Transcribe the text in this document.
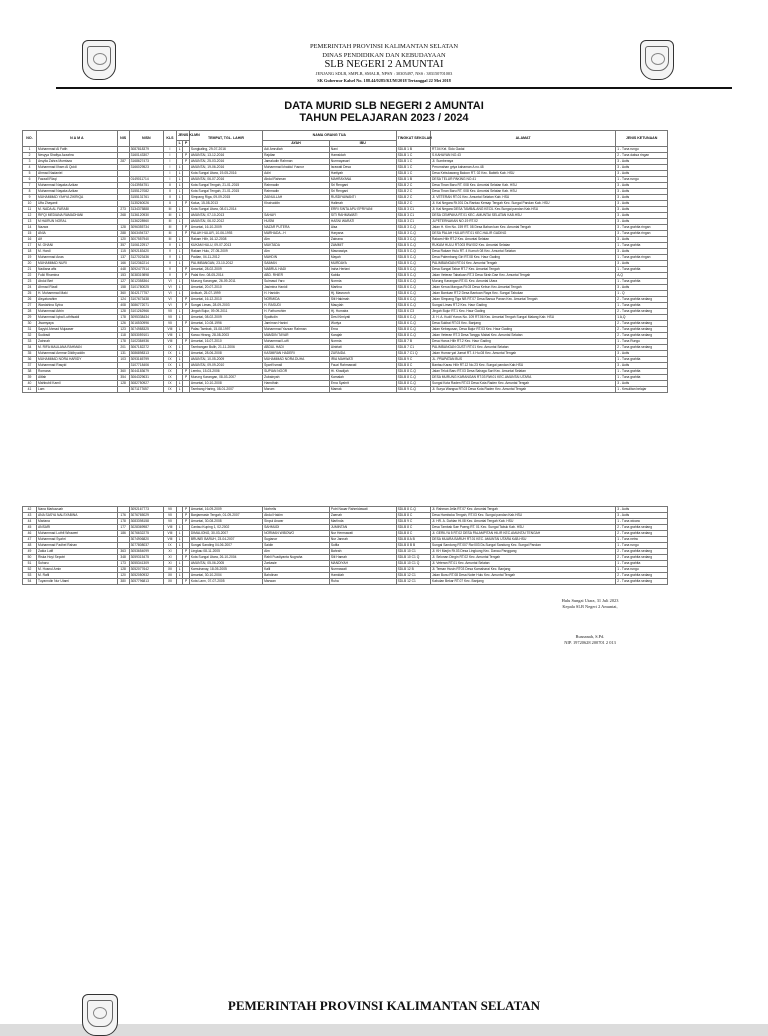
PEMERINTAH PROVINSI KALIMANTAN SELATAN
DINAS PENDIDIKAN DAN KEBUDAYAAN
SLB NEGERI 2 AMUNTAI
JENJANG SDLB, SMPLB, SMALB, NPSN : 30305497, NSS : 383150701003
SK Gubernur Kalsel No. 188.44/0285/KUM/2018 Tertanggal 22 Mei 2018
DATA MURID SLB NEGERI 2 AMUNTAI
TAHUN PELAJARAN 2023 / 2024
NO.	N A M A	NIS	NISN	KLS	JENIS KLMN		TEMPAT, TGL. LAHIR	NAMA ORANG TUA		TINGKAT SEKOLAH	ALAMAT	JENIS KETUNAAN
					L	P		AYAH	IBU			

1	Muhammad Al Fatih		3087818379	I	L		Sungkaling, 29-07-2016	Adi Amrullah	Nani	SDLB 1 B	RT.04 Kel. Sido Gadai	1 - Tuna rungu
2	Nesyya Shafiya Azzahra		3160143307	I		P	AMUNTAI, 13-12-2016	Rajdian	Hamsidah	SDLB 1 C	S.KAHAYAN NO.43	2 - Tuna daksa ringan
3	Arsyila Zahra Mumtaza	287	3168627473	I		P	AMUNTAI, 25-03-2016	Jamaludin Rahman	Nurmayasari	SDLB 1 C	Jl. Sumberaya	3 - Autis
4	Muhammad Ilham Al Qoidi		3166029523	I	L		AMUNTAI, 19-06-2016	Muhammad khaidul Yusnor	Israwati Desa	SDLB 1 C	Perumahan griya kahaman A no.48	3 - Autis
5	Ahmad Nadaniel			I	L		Kota Sungai Utara, 19-05-2016	Adiri	Hartiyah	SDLB 1 C	Desa Kebulawang Baloon RT. 02 Kec. Babirik Kab. HSU	3 - Autis
6	Fazzall Rizqi		0149011714	I	L		AMUNTAI, 06-07-2016	Abdul Rahman	MAHRAYANA	SDLB 1 B	DESA TELUR PAKING NO.41	1 - Tuna rungu
7	Muhammad Nayaka Azikan		0143954751	II	L		Kota Sungai Tengah, 21-01-2015	Rahmadin	Sri Rengani	SDLB 2 C	Desa Tinan Baru RT. 008 Kec. Amuntai Selatan Kab. HSU	3 - Autis
8	Muhammad Nayaka Azikan		3155127082	II	L		Kota Sungai Tengah, 21-01-2015	Rahmadin	Sri Rengani	SDLB 2 C	Desa Tinan Baru RT. 008 Kec. Amuntai Selatan Kab. HSU	3 - Autis
9	MUHAMMAD YAHYA ZIKRIQA		3155131761	II	L		Simpang Riga, 09-09-2015	ZAINULLAH	RUSDIYAWANTI	SDLB 2 C	Jl. VETERAN RT.01 Kec. Amuntai Selatan Kab. HSU	3 - Autis
10	Ulfa Zhayanti		3135260026	II		P	Kalua, 15-08-2013	Khairuddin	Halimah	SDLB 2 C	Jl. Kal Negara Rt.001 Ds.Rantau Kersap Tengah Kec. Sungai Pandan Kab. HSU	3 - Autis
11	M. NADA AL FARABI	273	3134375888	III	L		Kota Sungai Utara, 08-01-2014		ERRI SINTA APU EPRIYANI	SDLB 3 C1	Jl. Kal Negara DESA TAMBALANG KECIL Kec.Sungai pandan Kab.HSU	3 - Autis
12	RIFQI MEDIANA RAMADHANI	268	3136120930	III	L		AMUNTAI, 07-10-2013	SAHAYI	SITI RAHMAWATI	SDLB 3 C1	DESA CEMPAKA RT.01 KEC. AMUNTAI SELATAN KAB.HSU	3 - Autis
13	M HAIRUN NORAL		3136228960	III	L		AMUNTAI, 06-02-2012	HUSNI	HASNI WARATI	SDLB 3 C1	JLPETERNAKAN NO.19 RT.02	3 - Autis
14	Nazwa	128	3096355734	III		P	Amuntai, 16-10-2009	NAZAR PUTERA	Aisa	SDLB 3 C-Q	Jalan H. Kim No. 159 RT. 08 Desa Bahan kan Kec. Amuntai Tengah	3 - Tuna grahita ringan
15	ANIA	288	3063494737	III		P	PALAH HULUR, 10-06-1993	MARHADA...H	Haryana	SDLB 3 C-Q	DESA PALAH HULUR RT.01 KEC.HALIR GADING	3 - Tuna grahita ringan
16	Alf	120	3007557940	III	L		Rakam Hilir, 16-12-2008	Alm	Zainana	SDLB 3 C-Q	Rakam Hilir RT.2 Kec. Amuntai Selatan	3 - Autis
17	M. GHANI	357	3106122917	V	L		KUKAM HULU, 09-07-2013	MUKTADA	ZAMMIT	SDLB 5 C-Q	RUKAM HULU RT.003 RW.002 Kec. Amuntai Selatan	1 - Tuna grahita
18	M. Hardi	115	3092183420	V	L		Rakam Hulu, 27-05-2009	Alm	Masnawiya	SDLB 5 C-Q	Desa Rakam Hulu RT. 4 Kumuh 08 Kec. Amuntai Selatan	3 - Autis
19	Muhammad Anas	137	3127023436	V	L		Padian, 04-11-2012	MAHDIN	Mayah	SDLB 5 C-Q	Desa Palembang Giri RT.08 Kec. Haur Gading	1 - Tuna grahita ringan
20	MUHAMMAD NURI	166	3102362214	V	L		PALIMBANGAN, 23-10-2012	SAIMAN	MURDAYA	SDLB 5 C-Q	PALIMBANGAN RT.04 Kec. Amuntai Tengah	3 - Autis
21	Nadiana afis	448	3092477914	V		P	Amuntai, 28-02-2009	NABRUL HADI	Iraha Herlani	SDLB 5 C-Q	Desa Sungai Tabar RT.7 Kec. Amuntai Tengah	1 - Tuna grahita
22	Fulki Rhamina	153	3038319898	V		P	Palal Kec. 08-05-2014	ABD. RHIER	Kabila	SDLB 5 C-Q	Jalan Veteran Tabaluan RT.3 Desa Sirah Dae Kec. Amuntai Tengah	A,Q
23	Abdul Beri	127	3012358364	VI	L		Murung Karangan, 26-09-2011	Sulmasd Yaro	Normia	SDLB 6 C-Q	Murung Karangan RT.01 Kec. Amuntai Utara	1 - Tuna grahita
24	Ahmad Rizali	158	3101780025	VI	L		Amuntai, 20-07-2010	Jasimina Hanidi	Martina	SDLB 6 C-Q	Jalan Kerua Mangua Rt.03 Desa Kebun Kec.Amuntai Tengah	3 - Autis
25	H. Muhammad Maki	360	3042177757	VI	L		Aniluah, 25-07-1999	H. Hanidin	Hj. Masruroh	SDLB 6 C-Q	Jalan Bantuan RT.2 Desa Bantuan Raya Kec. Sungai Tabukan	1 - Q
26	Aisyaturahim	124	3107673438	VI		P	Amuntai, 16-12-2010	NORMIDA	Siti Hakimah	SDLB 6 C-Q	Jalan Simpang Tiga NB RT.07 Desa Banua Panan Kec. Amuntai Tengah	2 - Tuna grahita sedang
27	Wardahina Sylva	408	3086772071	VI		P	Sungai Limas, 28-09-2003	H. RASUDI	Mauylah	SDLB 6 C-Q	Sungai Limas RT.2 Kec. Haur Gading	1 - Tuna grahita
28	Muhammad Arbin	128	3101262966	VII	L		Jingah Bujur, 09-09-2011	H. Fathurrohim	Hj. Humaira	SDLB 6 C3	Jingah Bujur RT.1 Kec. Haur Gading	2 - Tuna grahita sedang
29	Muhammad Iqbal Luthfisaidi	178	3095338434	VII	L		Amuntai, 08-02-2009	Syaifudin	Desi Kirniyati	SDLB 6 C-Q	Jl. H. A. Kudil Yunus No. 109 RT.06 Kec. Amuntai Tengah Sungai Malang Kab. HSU	1 A,Q
30	Jisamyaya	126	3016530996	VII		P	Amuntai, 10-08-1996	Jamiman Hanini	Wuriya	SDLB 6 C-Q	Desa Sukbai RT.03 Kec. Banjang	2 - Tuna grahita sedang
31	Sayyid Ahmad Mujaaser	123	3074988325	VIII	L		Palau Tambak, 15-08-1997	Muhammad Yazzan Rahman	Erna	SDLB 8 C-Q	Jalan Kebayusan, Desa Bajur RT.03 Kec. Haur Gading	2 - Tuna grahita sedang
32	Sudiradi	118	3053059101	VIII	L		Karau Hirang, 28-08-2003	MAMDIN TAYAR	Karajah	SDLB 8 C-Q	Jalan Veteran RT.3 Desa Tanggu Mabai Kec. Amuntai Selatan	2 - Tuna grahita sedang
33	Zainnah	178	3102384936	VIII		P	Amuntai, 16-07-2010	Muhammad Lutfi	Normia	SDLB 7 B	Desa Harus Hilir RT.2 Kec. Haur Gading	1 - Tuna Rungu
34	M. RIFA MAULANA RAHMAN	201	3067182272	IX	L		Tambangan Bulih, 21-11-2006	ABDUL HADI	Ainiriati	SDLB 7 C1	PALIMBANGAN GUSTI RT.01 Kec. Amuntai Selatan	2 - Tuna grahita sedang
35	Muhammad Ammar Diidhyuddin	131	3086898313	IX	L		Amuntai, 28-06-2008	KASMIRAN HADERI	ZURAIDA	SDLB 7 C1 Q	Jalan Humar yat Jumat RT. 4 Hu.08 Kec. Amuntai Tengah	3 - Autis
36	MUHAMMAD NORA HARIDY	103	3093165799	IX	L		AMUNTAI, 10-05-2009	MUHAMMAD NORA DUHA	IRIA MAHWATI	SDLB 9 C	JL. PRAPATAN BUS	1 - Tuna grahita
37	Muhammad Rasyid		3107718406	IX	L		AMUNTAI, 09-09-2010	Syarif Ismail	Fauzi Rahmawati	SDLB 8 C	Bantau Karau Hilir RT.12 No.23 Kec. Sungai pandan Kab.HSU	3 - Autis
38	Romana	360	3044183679	IX		P	Lembu, 15-03-2006	SUPIAN NOOR	Hi. Khadijah	SDLB 8 C-Q	Jalan Teluk Baru RT.03 Desa Sahaga Sari Kec. Amuntai Selatan	1 - Tuna grahita
39	Alifah	354	3064329631	IX		P	Murung Karangan, 08-03-2007	Zubainyah	Kamalah	SDLB 8 C-Q	DESA MURUNG KARANGAN RT.03 RW.01 KEC.AMUNTAI UTARA	1 - Tuna grahita
40	Mahbubil Kamil	128	3082750927	IX	L		Amuntai, 10-10-2008	Hamdhah	Erna Syahrit	SDLB 8 C-Q	Sungai Kota Raden RT.03 Desa Kota Raden Kec. Amuntai Tengah	3 - Autis
41	Lam		3071177657	IX	L		Tambang Haring, 08-01-2007	Marum	Mamak	SDLB 9 C-Q	Jl. Surya Wangsa RT.03 Desa Kota Raden Kec. Amuntai Tengah	1 - Kesulitan belajar
42	Nana Markazuah		3092167773	VII		P	Amuntai, 16-09-2009	Norhelis	Putri Nauar Rahmidawati	SDLB 8 C-Q	Jl. Rahman Jella RT.07 Kec. Amuntai Tengah	3 - Autis
43	ANA SASYA NALSYABINA	176	3076765029	VII		P	Banjarmasin Tengah, 01-09-2007	Abdul Hakim	Zaenah	SDLB 8 C	Desa Hamboka Tengah, RT.03 Kec. Sungai pandan Kab.HSU	3 - Autis
44	Mariana	178	3083398158	VII		P	Amuntai, 30-08-2008	Sinpul Anwar	Marlinda	SDLB 9 C	Jl. HR. A. Dahlan Hl.08 Kec. Amuntai Tengah Kab. HSU	1 - Tuna wicara
45	ANSARI	177	3028369987	VIII	L		Cantau Kuping 1, 02-2002	SAHMUDI	JUMINTAN	SDLB 8 C	Desa Tambak Sae Paeng RT. 01 Kec. Sungai Tabuk Kab. HSU	2 - Tuna grahita sedang
46	Muhammad Luthfi Wiraweri	186	3076632275	VIII	L		DIMALIONG, 30-03-2007	NORMAN WIBOWO	Nur Hermawati	SDLB 8 C	Jl. GERILYA 5 RT.02 DESA PALAMPITAN HILIR KEC.AMUNTAI TENGAH	2 - Tuna grahita sedang
47	Muhammad Syahri		3074906820	VIII	L		BRUNEI BARUH, 23-04-2007	Sugianor	Nur Jannah	SDLB 8 A B	DESA MUARA BARUH RT.01 KEC. AMUNTAI UTARA KAB.HSU	1 - Tuna netra
48	Muhammad Fadhel Rahan		3077808037	IX	L		Sungai Sanding 04-06-2007	Saidin	Sulfia	SDLB 8 B B	Sungai Sandung RT.007 Rw.003 Ds.Sungai Sandung Kec. Sungai Pandan	1 - Tuna rungu
49	Zakia Lutfi	363	3053654099	XI		P	Lingkau 08-11-2005	Alm	Bahrah	SDLB 10 C1	Jl. KH Marjin Rt.03 Desa Lingkung Kec. Danau Panggang	2 - Tuna grahita sedang
50	Riska Hoyi Sepotri	348	3059315475	XI		P	Kota Sungai Utara, 26-10-2004	Rahli Fuadiyanta Nugraha	Siti Hamah	SDLB 10 C1 Q	Jl. Selonan Dingin RT.02 Kec. Amuntai Tengah	2 - Tuna grahita sedang
51	Suharu	173	3055341309	XI	L		AMUNTAI, 05-06-2005	Zarkasie	MANDIYAH	SDLB 10 C1 Q	Jl. Veteran RT.01 Kec. Amuntai Selatan	1 - Tuna grahita
52	M. Husnul Amin	128	3052077642	XII	L		Kamuhanay, 18-05-2005	Kalil	Nurmawati	SDLB 12 B	Jl. Teman Husin RT03 Desa Kamaharai Kec. Banjang	1 - Tuna rungu
53	M. Rafli	120	3052050932	XII	L		Amuntai, 30-10-2004	Bahdinan	Hamidah	SDLB 12 C1	Jalan Bunu RT.08 Desa Nobe Hulu Kec. Amuntai Tengah	2 - Tuna grahita sedang
54	Tuyanndin Nur Utami	380	3057796813	XII		P	Kota Lann, 07-07-2005	Marwan	Ruha	SDLB 12 C1	Kabulan Bekar RT.07 Kec. Banjang	2 - Tuna grahita sedang
Hulu Sungai Utara, 31 Juli 2023
Kepala SLB Negeri 2 Amuntai,
Rusnanah, S.Pd.
NIP. 19720628 200701 2 013
PEMERINTAH PROVINSI KALIMANTAN SELATAN
